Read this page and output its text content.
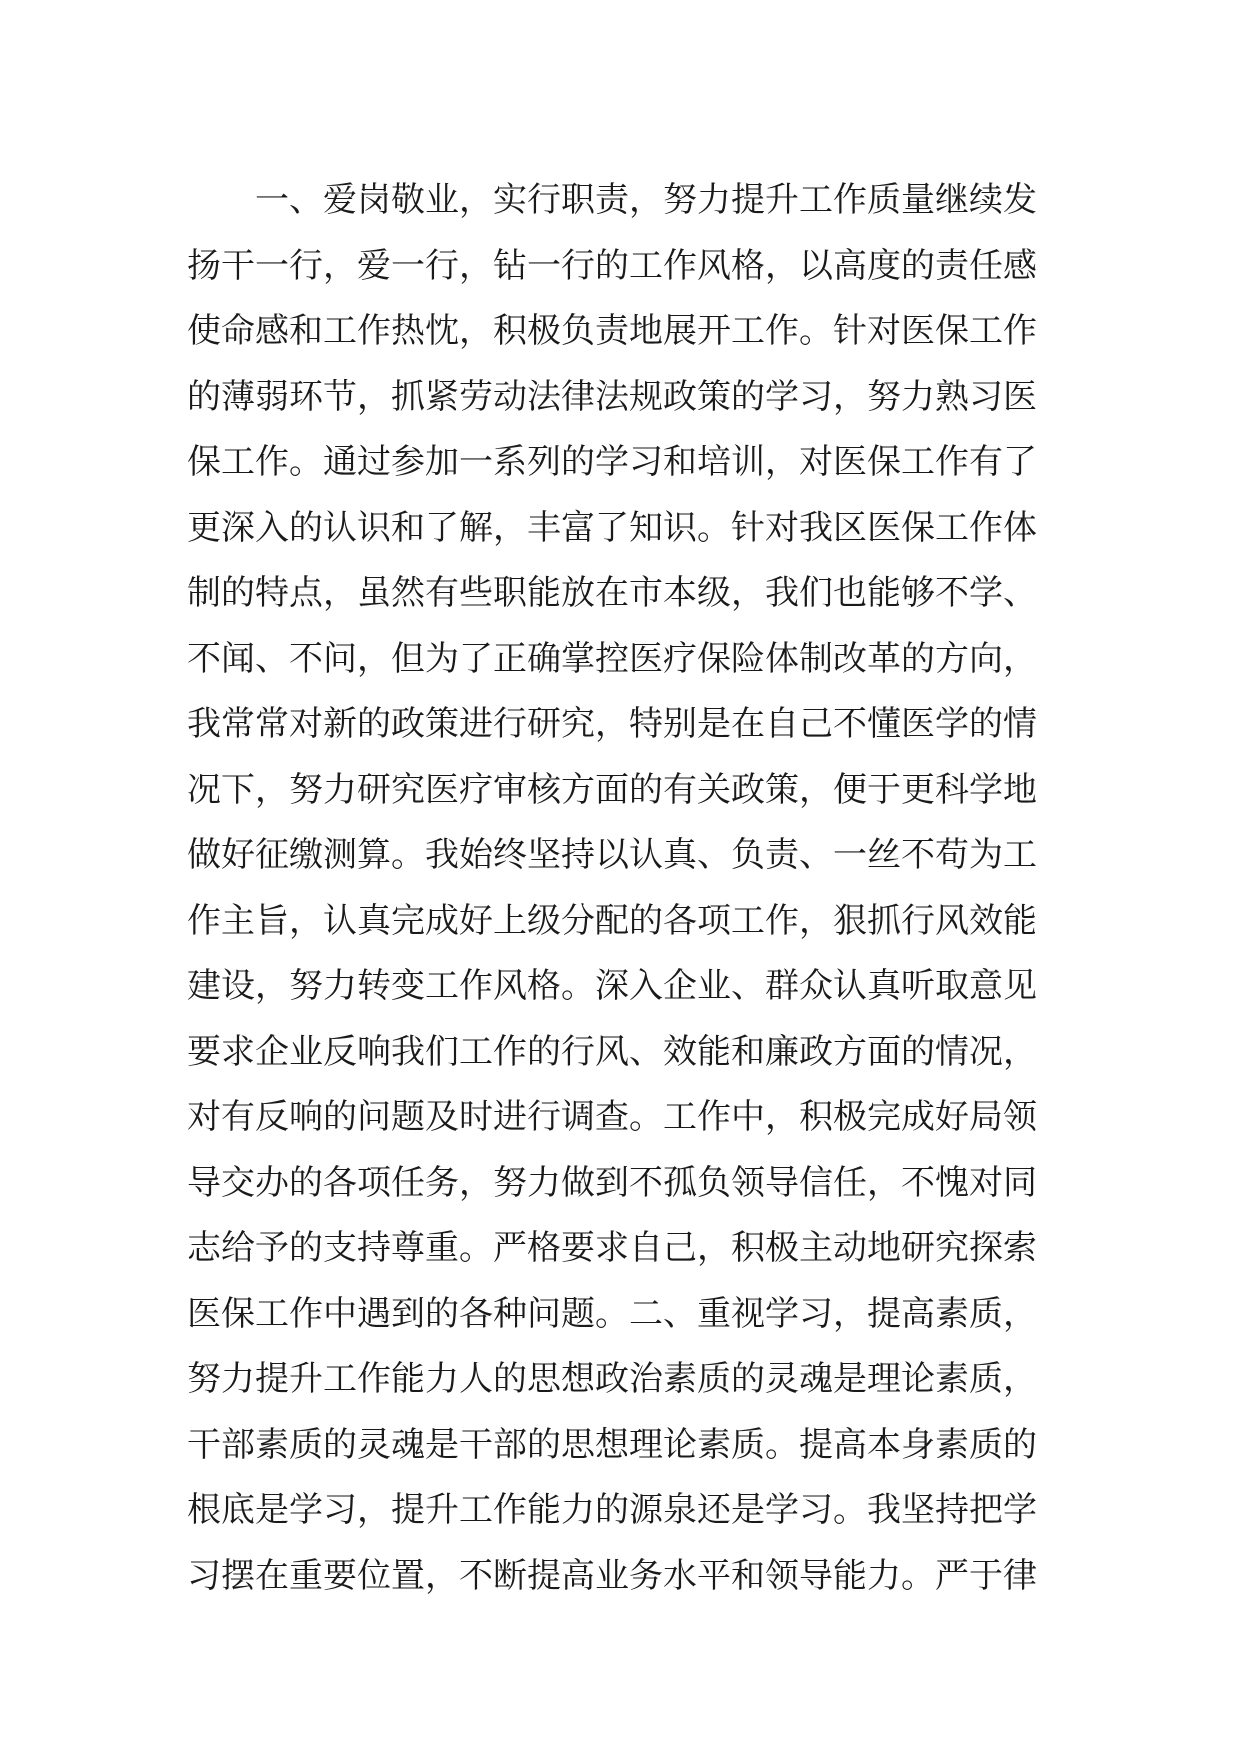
一、爱岗敬业，实行职责，努力提升工作质量继续发
扬干一行，爱一行，钻一行的工作风格，以高度的责任感
使命感和工作热忱，积极负责地展开工作。针对医保工作
的薄弱环节，抓紧劳动法律法规政策的学习，努力熟习医
保工作。通过参加一系列的学习和培训，对医保工作有了
更深入的认识和了解，丰富了知识。针对我区医保工作体
制的特点，虽然有些职能放在市本级，我们也能够不学、
不闻、不问，但为了正确掌控医疗保险体制改革的方向，
我常常对新的政策进行研究，特别是在自己不懂医学的情
况下，努力研究医疗审核方面的有关政策，便于更科学地
做好征缴测算。我始终坚持以认真、负责、一丝不苟为工
作主旨，认真完成好上级分配的各项工作，狠抓行风效能
建设，努力转变工作风格。深入企业、群众认真听取意见
要求企业反响我们工作的行风、效能和廉政方面的情况，
对有反响的问题及时进行调查。工作中，积极完成好局领
导交办的各项任务，努力做到不孤负领导信任，不愧对同
志给予的支持尊重。严格要求自己，积极主动地研究探索
医保工作中遇到的各种问题。二、重视学习，提高素质，
努力提升工作能力人的思想政治素质的灵魂是理论素质，
干部素质的灵魂是干部的思想理论素质。提高本身素质的
根底是学习，提升工作能力的源泉还是学习。我坚持把学
习摆在重要位置，不断提高业务水平和领导能力。严于律
